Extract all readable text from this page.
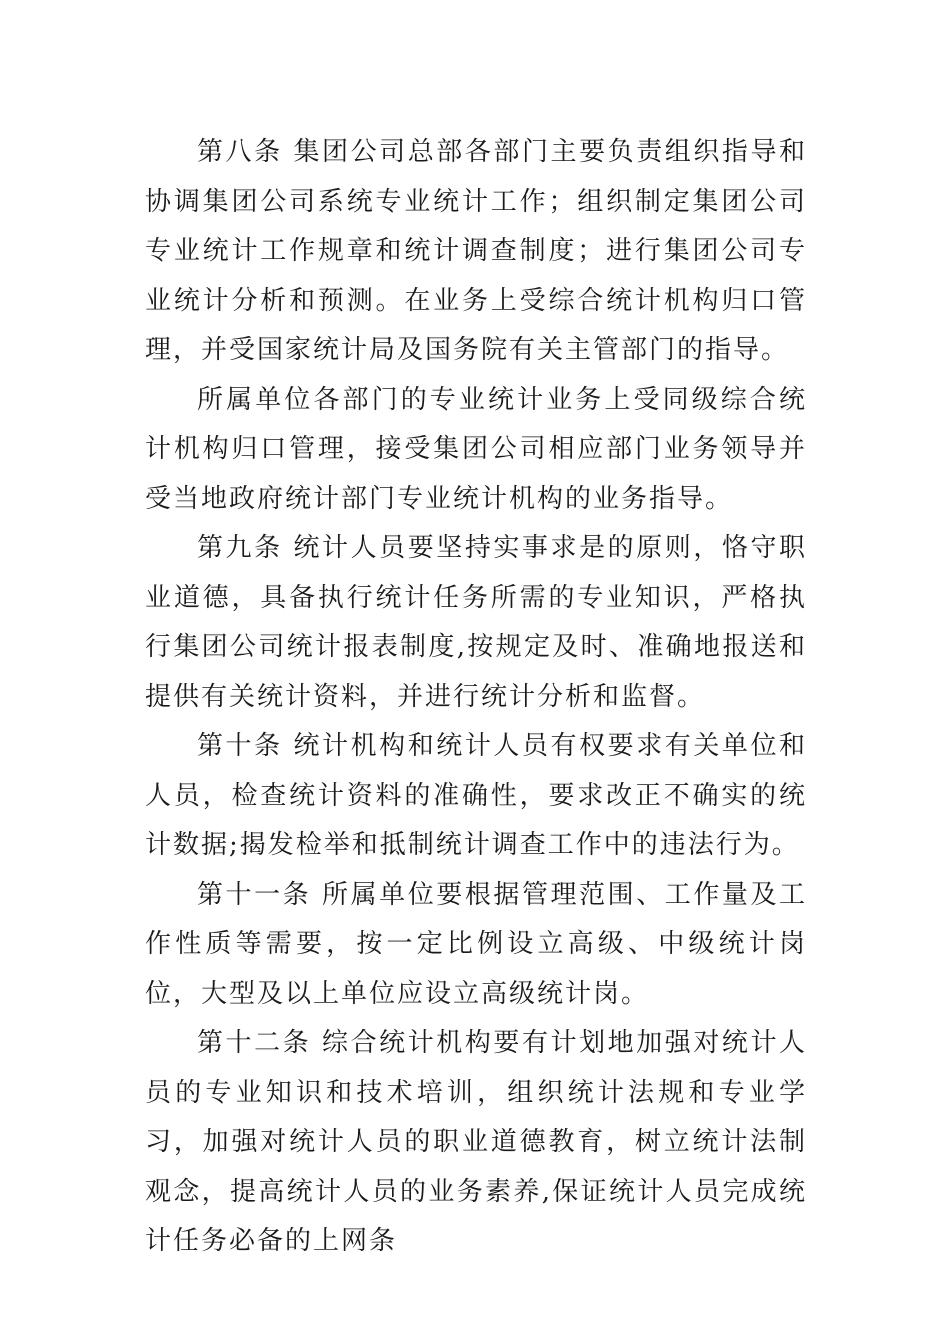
第八条 集团公司总部各部门主要负责组织指导和协调集团公司系统专业统计工作；组织制定集团公司专业统计工作规章和统计调查制度；进行集团公司专业统计分析和预测。在业务上受综合统计机构归口管理，并受国家统计局及国务院有关主管部门的指导。

所属单位各部门的专业统计业务上受同级综合统计机构归口管理，接受集团公司相应部门业务领导并受当地政府统计部门专业统计机构的业务指导。

第九条 统计人员要坚持实事求是的原则，恪守职业道德，具备执行统计任务所需的专业知识，严格执行集团公司统计报表制度,按规定及时、准确地报送和提供有关统计资料，并进行统计分析和监督。

第十条 统计机构和统计人员有权要求有关单位和人员，检查统计资料的准确性，要求改正不确实的统计数据;揭发检举和抵制统计调查工作中的违法行为。

第十一条 所属单位要根据管理范围、工作量及工作性质等需要，按一定比例设立高级、中级统计岗位，大型及以上单位应设立高级统计岗。

第十二条 综合统计机构要有计划地加强对统计人员的专业知识和技术培训，组织统计法规和专业学习，加强对统计人员的职业道德教育，树立统计法制观念，提高统计人员的业务素养,保证统计人员完成统计任务必备的上网条
